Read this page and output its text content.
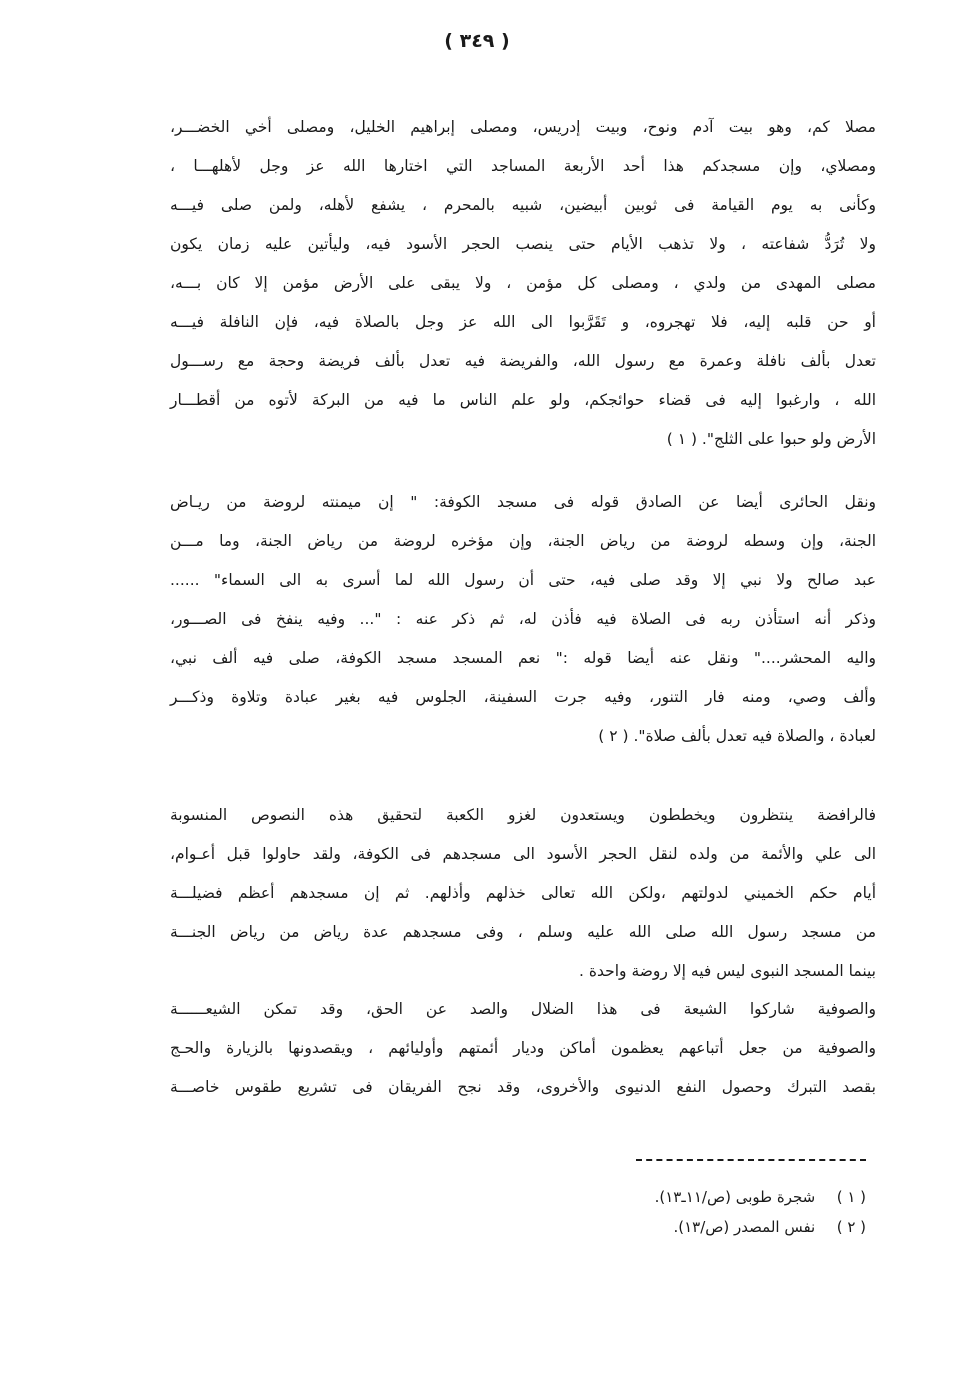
( ٣٤٩ )

مصلا كم، وهو بيت آدم ونوح، وبيت إدريس، ومصلى إبراهيم الخليل، ومصلى أخي الخضـــر،
ومصلاي، وإن مسجدكم هذا أحد الأربعة المساجد التي اختارها الله عز وجل لأهلهـــا ،
وكأنى به يوم القيامة فى ثوبين أبيضين، شبيه بالمحرم ، يشفع لأهله، ولمن صلى فيـــه
ولا تُرَدُّ شفاعته ، ولا تذهب الأيام حتى ينصب الحجر الأسود فيه، وليأتين عليه زمان يكون
مصلى المهدى من ولدي ، ومصلى كل مؤمن ، ولا يبقى على الأرض مؤمن إلا كان بـــه،
أو حن قلبه إليه، فلا تهجروه، و تَقَرَّبوا الى الله عز وجل بالصلاة فيه، فإن النافلة فيـــه
تعدل بألف نافلة وعمرة مع رسول الله، والفريضة فيه تعدل بألف فريضة وحجة مع رســـول
الله ، وارغبوا إليه فى قضاء حوائجكم، ولو علم الناس ما فيه من البركة لأتوه من أقطـــار
الأرض ولو حبوا على الثلج". ( ١ )

ونقل الحائرى أيضا عن الصادق قوله فى مسجد الكوفة: " إن ميمنته لروضة من ريـاض
الجنة، وإن وسطه لروضة من رياض الجنة، وإن مؤخره لروضة من رياض الجنة، وما مـــن
عبد صالح ولا نبي إلا وقد صلى فيه، حتى أن رسول الله لما أسرى به الى السماء" ......
وذكر أنه استأذن ربه فى الصلاة فيه فأذن له، ثم ذكر عنه : "... وفيه ينفخ فى الصـــور،
واليه المحشر...." ونقل عنه أيضا قوله :" نعم المسجد مسجد الكوفة، صلى فيه ألف نبي،
وألف وصي، ومنه فار التنور، وفيه جرت السفينة، الجلوس فيه بغير عبادة وتلاوة وذكـــر
لعبادة ، والصلاة فيه تعدل بألف صلاة". ( ٢ )

فالرافضة ينتظرون ويخططون ويستعدون لغزو الكعبة لتحقيق هذه النصوص المنسوبة
الى علي والأئمة من ولده لنقل الحجر الأسود الى مسجدهم فى الكوفة، ولقد حاولوا قبل أعـوام،
أيام حكم الخميني لدولتهم ،ولكن الله تعالى خذلهم وأذلهم. ثم إن مسجدهم أعظم فضيلـــة
من مسجد رسول الله صلى الله عليه وسلم ، وفى مسجدهم عدة رياض من رياض الجنـــة
بينما المسجد النبوى ليس فيه إلا روضة واحدة .

والصوفية شاركوا الشيعة فى هذا الضلال والصد عن الحق، وقد تمكن الشيعــــــة
والصوفية من جعل أتباعهم يعظمون أماكن وديار أئمتهم وأوليائهم ، ويقصدونها بالزيارة والحـج
بقصد التبرك وحصول النفع الدنيوى والأخروى، وقد نجح الفريقان فى تشريع طقوس خاصـــة

( ١ ) شجرة طوبى (ص/١١ـ١٣).
( ٢ ) نفس المصدر (ص/١٣).
